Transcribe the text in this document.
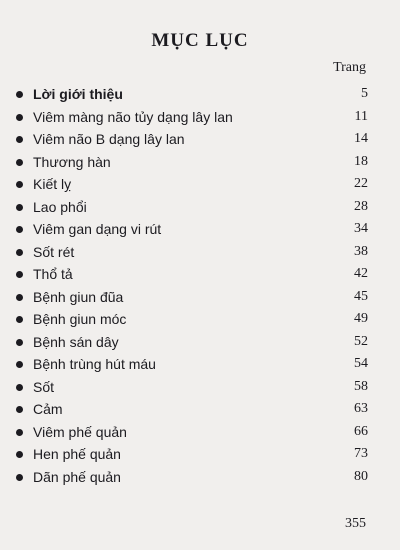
MỤC LỤC
Trang
Lời giới thiệu	5
Viêm màng não tủy dạng lây lan	11
Viêm não B dạng lây lan	14
Thương hàn	18
Kiết lỵ	22
Lao phổi	28
Viêm gan dạng vi rút	34
Sốt rét	38
Thổ tả	42
Bệnh giun đũa	45
Bệnh giun móc	49
Bệnh sán dây	52
Bệnh trùng hút máu	54
Sốt	58
Cảm	63
Viêm phế quản	66
Hen phế quản	73
Dãn phế quản	80
355
